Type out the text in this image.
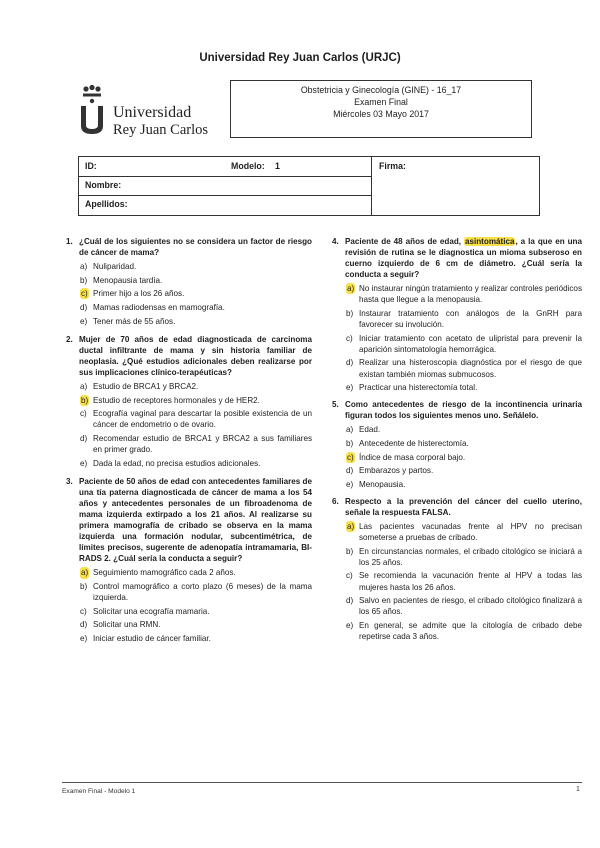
Universidad Rey Juan Carlos (URJC)
Universidad
Rey Juan Carlos
Obstetricia y Ginecología (GINE) - 16_17
Examen Final
Miércoles 03 Mayo 2017
ID:	Modelo: 1
Nombre:
Apellidos:
Firma:
1. ¿Cuál de los siguientes no se considera un factor de riesgo de cáncer de mama?
a) Nuliparidad.
b) Menopausia tardía.
c) Primer hijo a los 26 años.
d) Mamas radiodensas en mamografía.
e) Tener más de 55 años.
2. Mujer de 70 años de edad diagnosticada de carcinoma ductal infiltrante de mama y sin historia familiar de neoplasia. ¿Qué estudios adicionales deben realizarse por sus implicaciones clínico-terapéuticas?
a) Estudio de BRCA1 y BRCA2.
b) Estudio de receptores hormonales y de HER2.
c) Ecografía vaginal para descartar la posible existencia de un cáncer de endometrio o de ovario.
d) Recomendar estudio de BRCA1 y BRCA2 a sus familiares en primer grado.
e) Dada la edad, no precisa estudios adicionales.
3. Paciente de 50 años de edad con antecedentes familiares de una tía paterna diagnosticada de cáncer de mama a los 54 años y antecedentes personales de un fibroadenoma de mama izquierda extirpado a los 21 años. Al realizarse su primera mamografía de cribado se observa en la mama izquierda una formación nodular, subcentimétrica, de límites precisos, sugerente de adenopatía intramamaria, BI-RADS 2. ¿Cuál sería la conducta a seguir?
a) Seguimiento mamográfico cada 2 años.
b) Control mamográfico a corto plazo (6 meses) de la mama izquierda.
c) Solicitar una ecografía mamaria.
d) Solicitar una RMN.
e) Iniciar estudio de cáncer familiar.
4. Paciente de 48 años de edad, asintomática, a la que en una revisión de rutina se le diagnostica un mioma subseroso en cuerno izquierdo de 6 cm de diámetro. ¿Cuál sería la conducta a seguir?
a) No instaurar ningún tratamiento y realizar controles periódicos hasta que llegue a la menopausia.
b) Instaurar tratamiento con análogos de la GnRH para favorecer su involución.
c) Iniciar tratamiento con acetato de ulipristal para prevenir la aparición sintomatología hemorrágica.
d) Realizar una histeroscopia diagnóstica por el riesgo de que existan también miomas submucosos.
e) Practicar una histerectomía total.
5. Como antecedentes de riesgo de la incontinencia urinaria figuran todos los siguientes menos uno. Señálelo.
a) Edad.
b) Antecedente de histerectomía.
c) Índice de masa corporal bajo.
d) Embarazos y partos.
e) Menopausia.
6. Respecto a la prevención del cáncer del cuello uterino, señale la respuesta FALSA.
a) Las pacientes vacunadas frente al HPV no precisan someterse a pruebas de cribado.
b) En circunstancias normales, el cribado citológico se iniciará a los 25 años.
c) Se recomienda la vacunación frente al HPV a todas las mujeres hasta los 26 años.
d) Salvo en pacientes de riesgo, el cribado citológico finalizará a los 65 años.
e) En general, se admite que la citología de cribado debe repetirse cada 3 años.
Examen Final - Modelo 1	1
